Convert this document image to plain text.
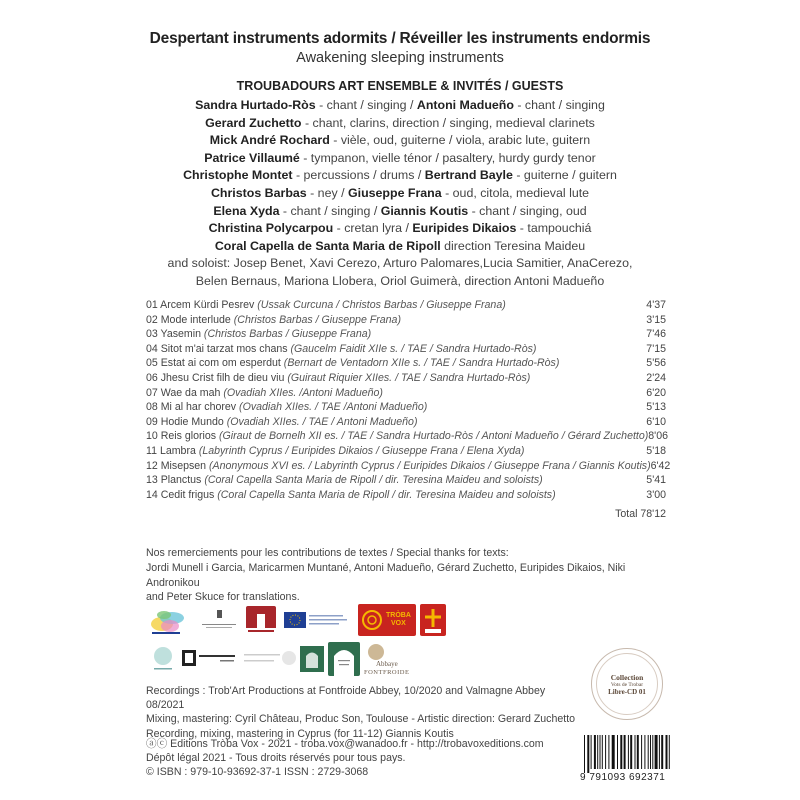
Despertant instruments adormits / Réveiller les instruments endormis
Awakening sleeping instruments
TROUBADOURS ART ENSEMBLE & INVITÉS / GUESTS
Sandra Hurtado-Ròs - chant / singing / Antoni Madueño - chant / singing
Gerard Zuchetto - chant, clarins, direction / singing, medieval clarinets
Mick André Rochard - vièle, oud, guiterne / viola, arabic lute, guitern
Patrice Villaumé - tympanon, vielle ténor / pasaltery, hurdy gurdy tenor
Christophe Montet - percussions / drums / Bertrand Bayle - guiterne / guitern
Christos Barbas - ney / Giuseppe Frana - oud, citola, medieval lute
Elena Xyda - chant / singing / Giannis Koutis - chant / singing, oud
Christina Polycarpou - cretan lyra / Euripides Dikaios - tampouchiá
Coral Capella de Santa Maria de Ripoll direction Teresina Maideu
and soloist: Josep Benet, Xavi Cerezo, Arturo Palomares,Lucia Samitier, AnaCerezo,
Belen Bernaus, Mariona Llobera, Oriol Guimerà, direction Antoni Madueño
01 Arcem Kürdi Pesrev (Ussak Curcuna / Christos Barbas / Giuseppe Frana)	4'37
02 Mode interlude (Christos Barbas / Giuseppe Frana)	3'15
03 Yasemin (Christos Barbas / Giuseppe Frana)	7'46
04 Sitot m'ai tarzat mos chans (Gaucelm Faidit XIIe s. / TAE / Sandra Hurtado-Ròs)	7'15
05 Estat ai com om esperdut (Bernart de Ventadorn XIIe s. / TAE / Sandra Hurtado-Ròs)	5'56
06 Jhesu Crist filh de dieu viu (Guiraut Riquier XIIes. / TAE / Sandra Hurtado-Ròs)	2'24
07 Wae da mah (Ovadiah XIIes. /Antoni Madueño)	6'20
08 Mi al har chorev (Ovadiah XIIes. / TAE /Antoni Madueño)	5'13
09 Hodie Mundo (Ovadiah XIIes. / TAE / Antoni Madueño)	6'10
10 Reis glorios (Giraut de Bornelh XII es. / TAE / Sandra Hurtado-Ròs / Antoni Madueño / Gérard Zuchetto) 8'06
11 Lambra (Labyrinth Cyprus / Euripides Dikaios / Giuseppe Frana / Elena Xyda)	5'18
12 Misepsen (Anonymous XVI es. / Labyrinth Cyprus / Euripides Dikaios / Giuseppe Frana / Giannis Koutis) 6'42
13 Planctus (Coral Capella Santa Maria de Ripoll / dir. Teresina Maideu and soloists)	5'41
14 Cedit frigus (Coral Capella Santa Maria de Ripoll / dir. Teresina Maideu and soloists)	3'00
Total 78'12
Nos remerciements pour les contributions de textes / Special thanks for texts:
Jordi Munell i Garcia, Maricarmen Muntané, Antoni Madueño, Gérard Zuchetto, Euripides Dikaios, Niki Andronikou
and Peter Skuce for translations.
TRÒBA
VOX
Abbaye
FONTFROIDE
Recordings : Trob'Art Productions at Fontfroide Abbey, 10/2020 and Valmagne Abbey 08/2021
Mixing, mastering: Cyril Château, Produc Son, Toulouse - Artistic direction: Gerard Zuchetto
Recording, mixing, mastering in Cyprus (for 11-12) Giannis Koutis
ⓐⓒ Editions Tròba Vox - 2021 - troba.vox@wanadoo.fr - http://trobavoxeditions.com
Dépôt légal 2021 - Tous droits réservés pour tous pays.
© ISBN : 979-10-93692-37-1 ISSN : 2729-3068
Collection
Vots de Trobar
Libre-CD 01
9 791093 692371
